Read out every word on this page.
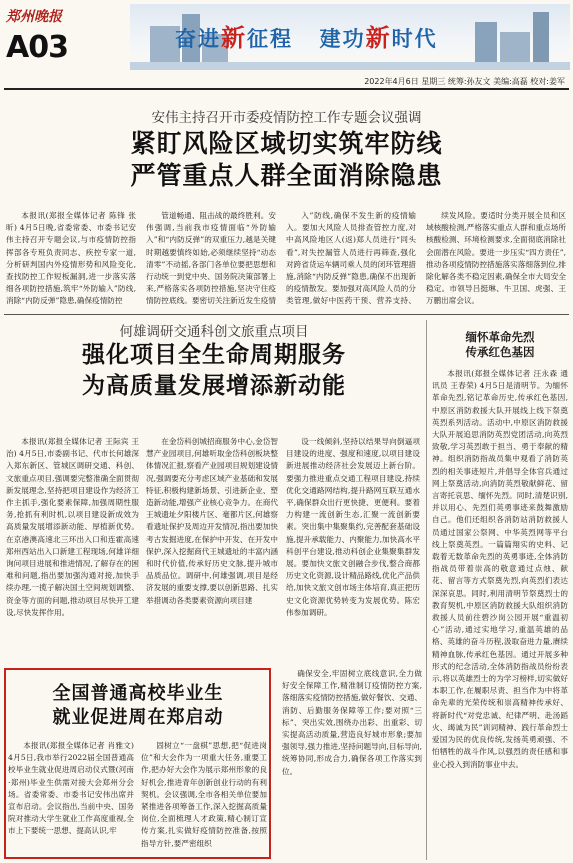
郑州晚报
A03	奋进新征程 建功新时代
2022年4月6日 星期三 统筹:孙友文 美编:高磊 校对:姜军
安伟主持召开市委疫情防控工作专题会议强调
紧盯风险区域切实筑牢防线
严管重点人群全面消除隐患

本报讯(郑报全媒体记者 陈锋 张昕) 4月5日晚,省委常委、市委书记安伟主持召开专题会议,与市疫情防控指挥部各专班负责同志、疾控专家一道,分析研判国内外疫情形势和风险变化,查找防控工作短板漏洞,进一步落实落细各项防控措施,筑牢“外防输入”防线,消除“内防反弹”隐患,确保疫情防控

管道畅通、阻击战的最终胜利。安伟强调,当前我市疫情面临“外防输入”和“内防反弹”的双重压力,越是关键时期越要慎终如始,必须继续坚持“动态清零”不动摇,各部门各单位要把思想和行动统一到党中央、国务院决策部署上来,严格落实各项防控措施,坚决守住疫情防控底线。要密切关注新近发生疫情

入”防线,确保不发生新的疫情输入。要加大风险人员排查管控力度,对中高风险地区人(返)郑人员进行“同头看”,对失控漏管人员进行再筛查,强化对跨省货运车辆司乘人员的闭环管理措施,消除“内防反弹”隐患,确保不出现新的疫情散发。要加强对高风险人员的分类管理,做好中医药干预、营养支持、

续发风险。要适时分类开展全员和区域核酸检测,严格落实重点人群和重点场所核酸检测、环境检测要求,全面彻底消除社会面潜在风险。要进一步压实“四方责任”,推动各项疫情防控措施落实落细落到位,排除化解各类不稳定因素,确保全市大局安全稳定。市领导吕挺琳、牛卫国、虎强、王万鹏出席会议。

何雄调研交通科创文旅重点项目
强化项目全生命周期服务
为高质量发展增添新动能

本报讯(郑报全媒体记者 王际宾 王治) 4月5日,市委副书记、代市长何雄深入郑东新区、管城区调研交通、科创、文旅重点项目,强调要完整准确全面贯彻新发展理念,坚持把项目建设作为经济工作主抓手,强化要素保障,加强周期性服务,抢抓有利时机,以项目建设新成效为高质量发展增添新动能、厚植新优势。在京港澳高速北三环出入口和连霍高速郑州西站出入口新建工程现场,何雄详细询问项目进展和推进情况,了解存在的困难和问题,指出要加强沟通对接,加快手续办理,一揽子解决国土空间规划调整、资金等方面的问题,推动项目尽快开工建设,尽快发挥作用。

在金岱科创城招商服务中心,金岱智慧产业园项目,何雄听取金岱科创板块整体情况汇报,察看产业园项目规划建设情况,强调要充分考虑区域产业基础和发展特征,积极构建新场景、引进新企业、塑造新动能,增强产业核心竞争力。在商代王城遗址夕阳楼片区、毫都片区,何雄察看遗址保护及周边开发情况,指出要加快考古发掘进度,在保护中开发、在开发中保护,深入挖掘商代王城遗址的丰富内涵和时代价值,传承好历史文脉,提升城市品质品位。调研中,何雄强调,项目是经济发展的重要支撑,要以创新思路、扎实举措调动各类要素资源向项目建

设一线倾斜,坚持以结果导向倒逼项目建设的进度、强度和速度,以项目建设新进展推动经济社会发展迈上新台阶。要强力推进重点交通工程项目建设,持续优化交通路网结构,提升路网互联互通水平,确保群众出行更快捷、更便利。要着力构建一流创新生态,汇聚一流创新要素。突出集中集聚集约,完善配套基础设施,提升承载能力、内聚能力,加快高水平科创平台建设,推动科创企业集聚集群发展。要加快文旅文创融合步伐,整合商都历史文化资源,设计精品路线,优化产品供给,加快文旅文创市场主体培育,真正把历史文化资源优势转变为发展优势。陈宏伟参加调研。

全国普通高校毕业生
就业促进周在郑启动

本报讯(郑报全媒体记者 肖雅文) 4月5日,我市举行2022届全国普通高校毕业生就业促进周启动仪式暨(河南·郑州)毕业生供需对接大会郑州分会场。省委常委、市委书记安伟出席并宣布启动。会议指出,当前中央、国务院对推动大学生就业工作高度重视,全市上下要统一思想、提高认识,牢

固树立“一盘棋”思想,把“促进岗位”和大会作为一项重大任务,重要工作,把办好大会作为展示郑州形象的良好机会,推进青年创新创业行动的有利契机。会议强调,全市各相关单位要加紧推进各项筹备工作,深入挖掘高质量岗位,全面梳理人才政策,精心制订宣传方案,扎实做好疫情防控准备,按照指导方针,要严密组织

确保安全,牢固树立底线意识,全力做好安全保障工作,精准制订疫情防控方案,落细落实疫情防控措施,做好餐饮、交通、消防、后勤服务保障等工作;要对照“三标”、突出实效,围绕办出彩、出重彩、切实提高活动质量,营造良好城市形象;要加强领导,强力推进,坚持问题导向,目标导向,统筹协同,形成合力,确保各项工作落实到位。

缅怀革命先烈
传承红色基因

本报讯(郑报全媒体记者 汪永森 通讯员 王春荣) 4月5日是清明节。为缅怀革命先烈,铭记革命历史,传承红色基因,中原区消防救援大队开展线上线下祭奠英烈系列活动。活动中,中原区消防救援大队开展追思消防英烈党团活动,向英烈致敬,学习英烈敢于担当、勇于奉献的精神。组织消防指战员集中观看了消防英烈的相关事迹短片,并倡导全体官兵通过网上祭奠活动,向消防英烈敬献鲜花、留言寄托哀思、缅怀先烈。同时,清楚识别,并以用心、先烈们英勇事迹来鼓舞激励自己。他们还组织各消防站消防救援人员通过国家公祭网、中华英烈网等平台线上祭奠英烈。一篇篇翔实的史料、记载着无数革命先烈的英勇事迹,全体消防指战员带着崇高的敬意通过点烛、献花、留言等方式祭奠先烈,向英烈们表达深深哀思。同时,利用清明节祭奠烈士的教育契机,中原区消防救援大队组织消防救援人员前往碧沙岗公园开展“重温初心”活动,通过实地学习,重温英雄的品格、英雄的奋斗历程,汲取奋进力量,赓续精神血脉,传承红色基因。通过开展多种形式的纪念活动,全体消防指战员纷纷表示,将以英雄烈士的为学习榜样,切实做好本职工作,在履职尽责、担当作为中将革命先辈的光荣传统和崇高精神传承好、将新时代“对党忠诚、纪律严明、赴汤蹈火、竭诚为民”训词精神、践行革命烈士爱国为民的优良传统,发扬英勇顽强、不怕牺牲的战斗作风,以强烈的责任感和事业心投入到消防事业中去。
